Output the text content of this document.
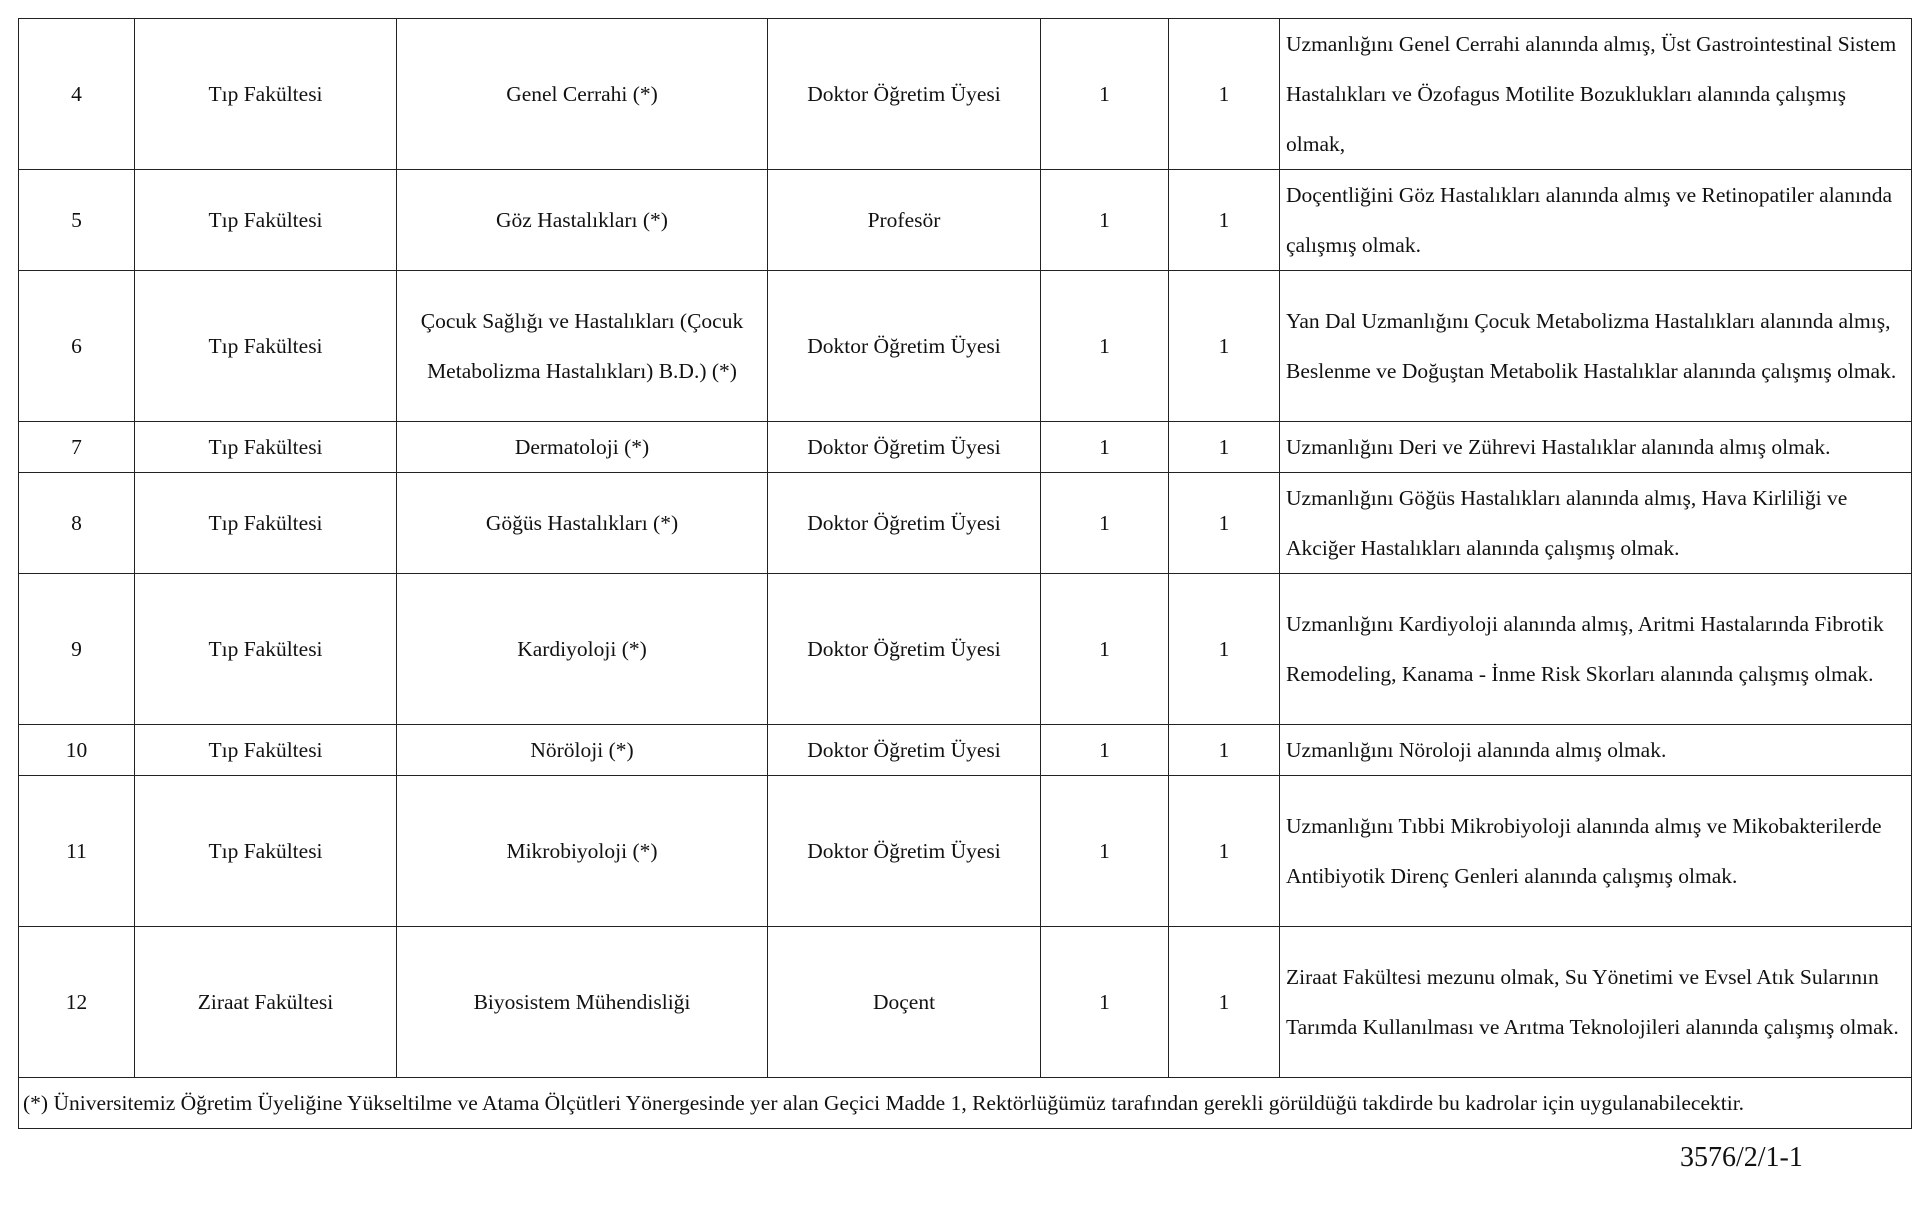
4	Tıp Fakültesi	Genel Cerrahi (*)	Doktor Öğretim Üyesi	1	1	Uzmanlığını Genel Cerrahi alanında almış, Üst Gastrointestinal Sistem Hastalıkları ve Özofagus Motilite Bozuklukları alanında çalışmış olmak,
5	Tıp Fakültesi	Göz Hastalıkları (*)	Profesör	1	1	Doçentliğini Göz Hastalıkları alanında almış ve Retinopatiler alanında çalışmış olmak.
6	Tıp Fakültesi	Çocuk Sağlığı ve Hastalıkları (Çocuk Metabolizma Hastalıkları) B.D.) (*)	Doktor Öğretim Üyesi	1	1	Yan Dal Uzmanlığını Çocuk Metabolizma Hastalıkları alanında almış, Beslenme ve Doğuştan Metabolik Hastalıklar alanında çalışmış olmak.
7	Tıp Fakültesi	Dermatoloji (*)	Doktor Öğretim Üyesi	1	1	Uzmanlığını Deri ve Zührevi Hastalıklar alanında almış olmak.
8	Tıp Fakültesi	Göğüs Hastalıkları (*)	Doktor Öğretim Üyesi	1	1	Uzmanlığını Göğüs Hastalıkları alanında almış, Hava Kirliliği ve Akciğer Hastalıkları alanında çalışmış olmak.
9	Tıp Fakültesi	Kardiyoloji (*)	Doktor Öğretim Üyesi	1	1	Uzmanlığını Kardiyoloji alanında almış, Aritmi Hastalarında Fibrotik Remodeling, Kanama - İnme Risk Skorları alanında çalışmış olmak.
10	Tıp Fakültesi	Nöröloji (*)	Doktor Öğretim Üyesi	1	1	Uzmanlığını Nöroloji alanında almış olmak.
11	Tıp Fakültesi	Mikrobiyoloji (*)	Doktor Öğretim Üyesi	1	1	Uzmanlığını Tıbbi Mikrobiyoloji alanında almış ve Mikobakterilerde Antibiyotik Direnç Genleri alanında çalışmış olmak.
12	Ziraat Fakültesi	Biyosistem Mühendisliği	Doçent	1	1	Ziraat Fakültesi mezunu olmak, Su Yönetimi ve Evsel Atık Sularının Tarımda Kullanılması ve Arıtma Teknolojileri alanında çalışmış olmak.
(*) Üniversitemiz Öğretim Üyeliğine Yükseltilme ve Atama Ölçütleri Yönergesinde yer alan Geçici Madde 1, Rektörlüğümüz tarafından gerekli görüldüğü takdirde bu kadrolar için uygulanabilecektir.						
3576/2/1-1
